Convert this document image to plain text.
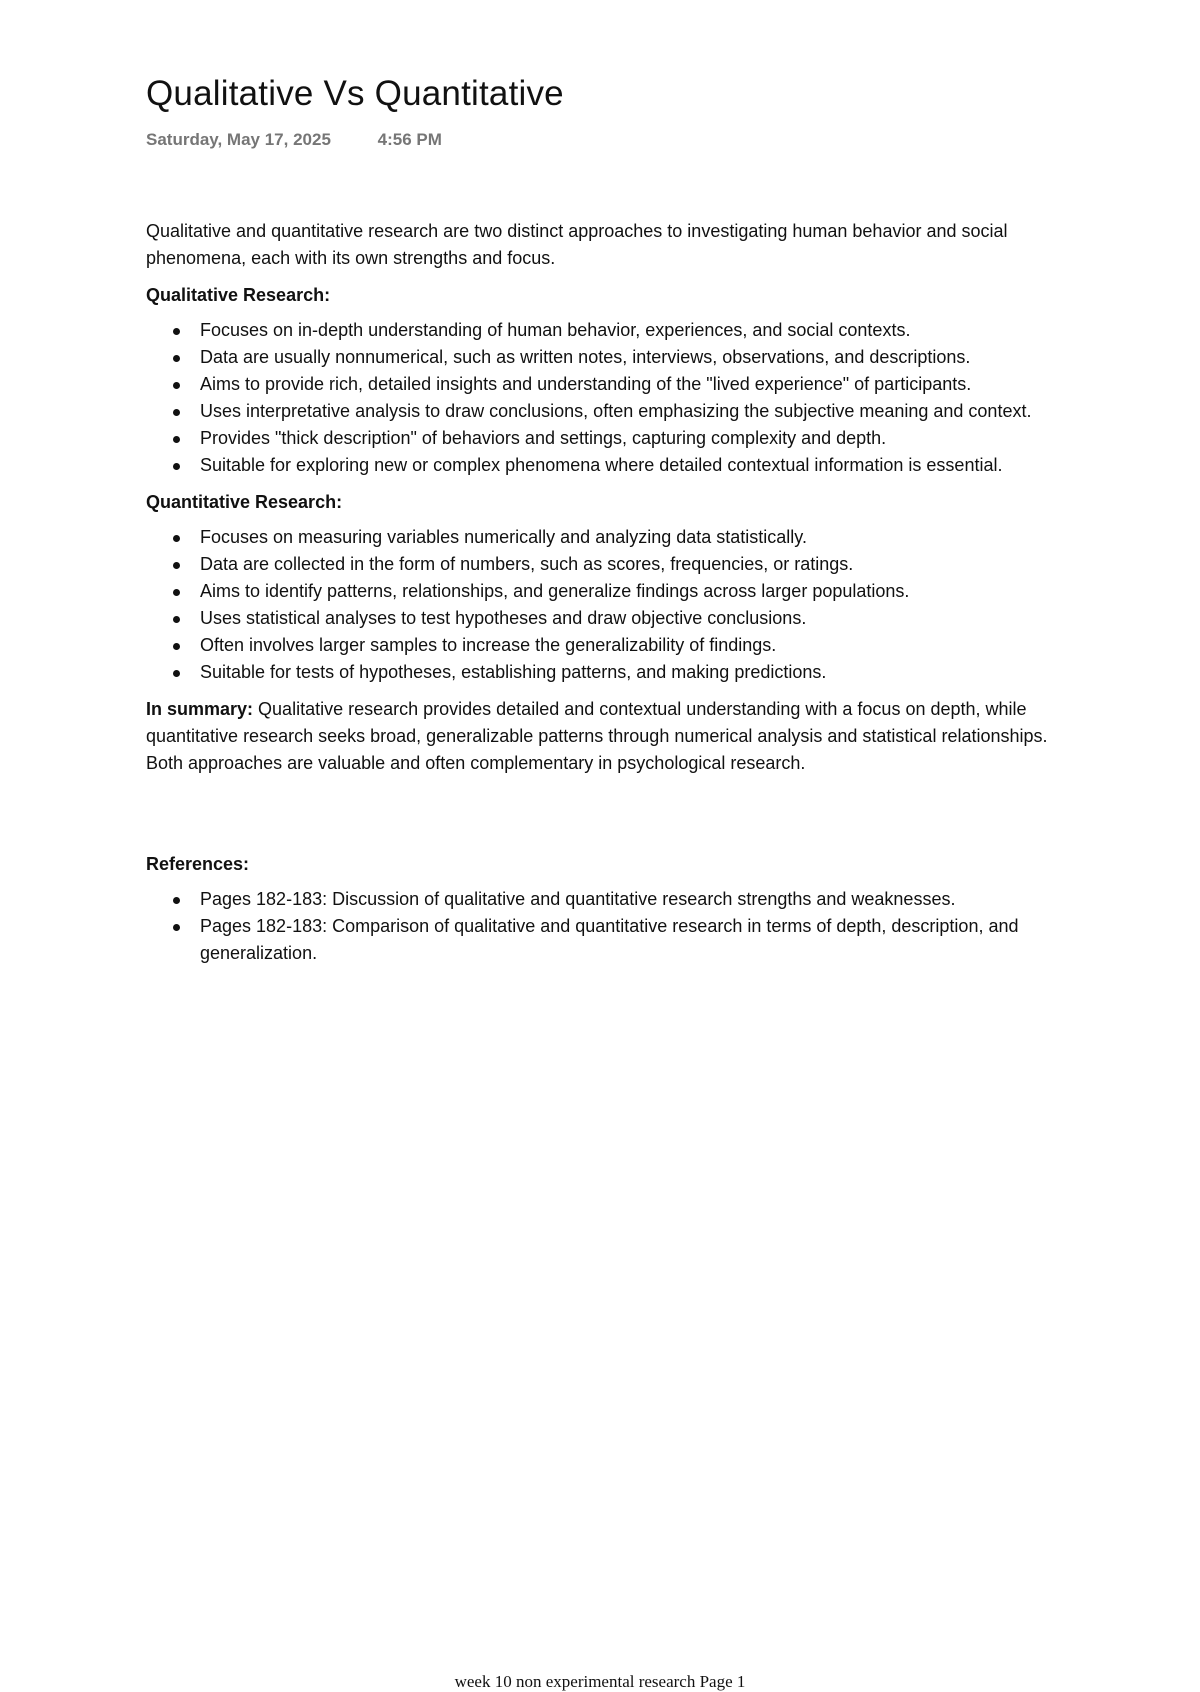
Qualitative Vs Quantitative
Saturday, May 17, 2025	4:56 PM

Qualitative and quantitative research are two distinct approaches to investigating human behavior and social phenomena, each with its own strengths and focus.

Qualitative Research:
Focuses on in-depth understanding of human behavior, experiences, and social contexts.
Data are usually nonnumerical, such as written notes, interviews, observations, and descriptions.
Aims to provide rich, detailed insights and understanding of the "lived experience" of participants.
Uses interpretative analysis to draw conclusions, often emphasizing the subjective meaning and context.
Provides "thick description" of behaviors and settings, capturing complexity and depth.
Suitable for exploring new or complex phenomena where detailed contextual information is essential.
Quantitative Research:
Focuses on measuring variables numerically and analyzing data statistically.
Data are collected in the form of numbers, such as scores, frequencies, or ratings.
Aims to identify patterns, relationships, and generalize findings across larger populations.
Uses statistical analyses to test hypotheses and draw objective conclusions.
Often involves larger samples to increase the generalizability of findings.
Suitable for tests of hypotheses, establishing patterns, and making predictions.

In summary: Qualitative research provides detailed and contextual understanding with a focus on depth, while quantitative research seeks broad, generalizable patterns through numerical analysis and statistical relationships. Both approaches are valuable and often complementary in psychological research.

References:
Pages 182-183: Discussion of qualitative and quantitative research strengths and weaknesses.
Pages 182-183: Comparison of qualitative and quantitative research in terms of depth, description, and generalization.
week 10 non experimental research Page 1
